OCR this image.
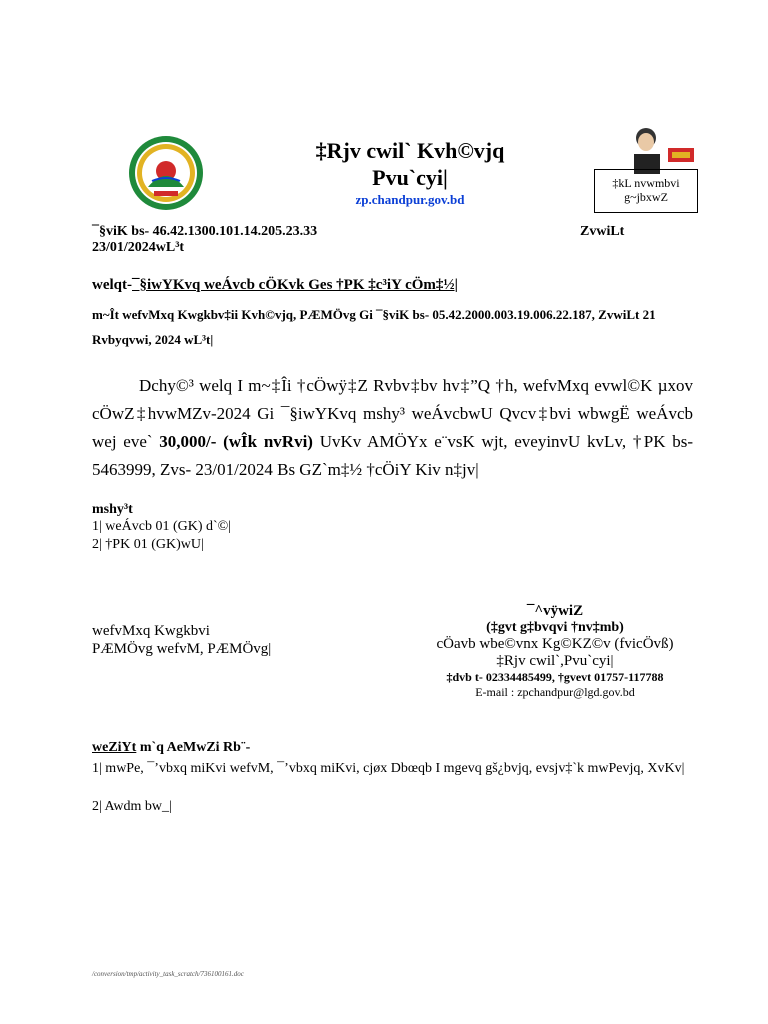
‡kL nvwmbvi
g~jbxwZ
‡Rjv cwil` Kvh©vjq
Pvu`cyi|
zp.chandpur.gov.bd
¯§viK bs- 46.42.1300.101.14.205.23.33
23/01/2024wL³t
ZvwiLt
welqt-¯§iwYKvq weÁvcb cÖKvk Ges †PK ‡c³iY cÖm‡½|
m~Ît wefvMxq Kwgkbv‡ii Kvh©vjq, PÆMÖvg Gi ¯§viK bs- 05.42.2000.003.19.006.22.187, ZvwiLt 21 Rvbyqvwi, 2024 wL³t|
Dchy©³ welq I m~‡Îi †cÖwÿ‡Z Rvbv‡bv hv‡”Q †h, wefvMxq evwl©K µxov cÖwZ‡hvwMZv-2024 Gi ¯§iwYKvq mshy³ weÁvcbwU Qvcv‡bvi wbwgË weÁvcb wej eve` 30,000/- (wÎk nvRvi) UvKv AMÖYx e¨vsK wjt, eveyinvU kvLv, †PK bs- 5463999, Zvs- 23/01/2024 Bs GZ`m‡½ †cÖiY Kiv n‡jv|
mshy³t
1| weÁvcb 01 (GK) d`©|
2| †PK 01 (GK)wU|
wefvMxq Kwgkbvi
PÆMÖvg wefvM, PÆMÖvg|
¯^vÿwiZ
(‡gvt g‡bvqvi †nv‡mb)
cÖavb wbe©vnx Kg©KZ©v (fvicÖvß)
‡Rjv cwil`,Pvu`cyi|
‡dvb t- 02334485499, †gvevt 01757-117788
E-mail : zpchandpur@lgd.gov.bd
weZiYt m`q AeMwZi Rb¨-
1| mwPe, ¯’vbxq miKvi wefvM, ¯’vbxq miKvi, cjøx Dbœqb I mgevq gš¿bvjq, evsjv‡`k mwPevjq, XvKv|
2| Awdm bw_|
/conversion/tmp/activity_task_scratch/736100161.doc
